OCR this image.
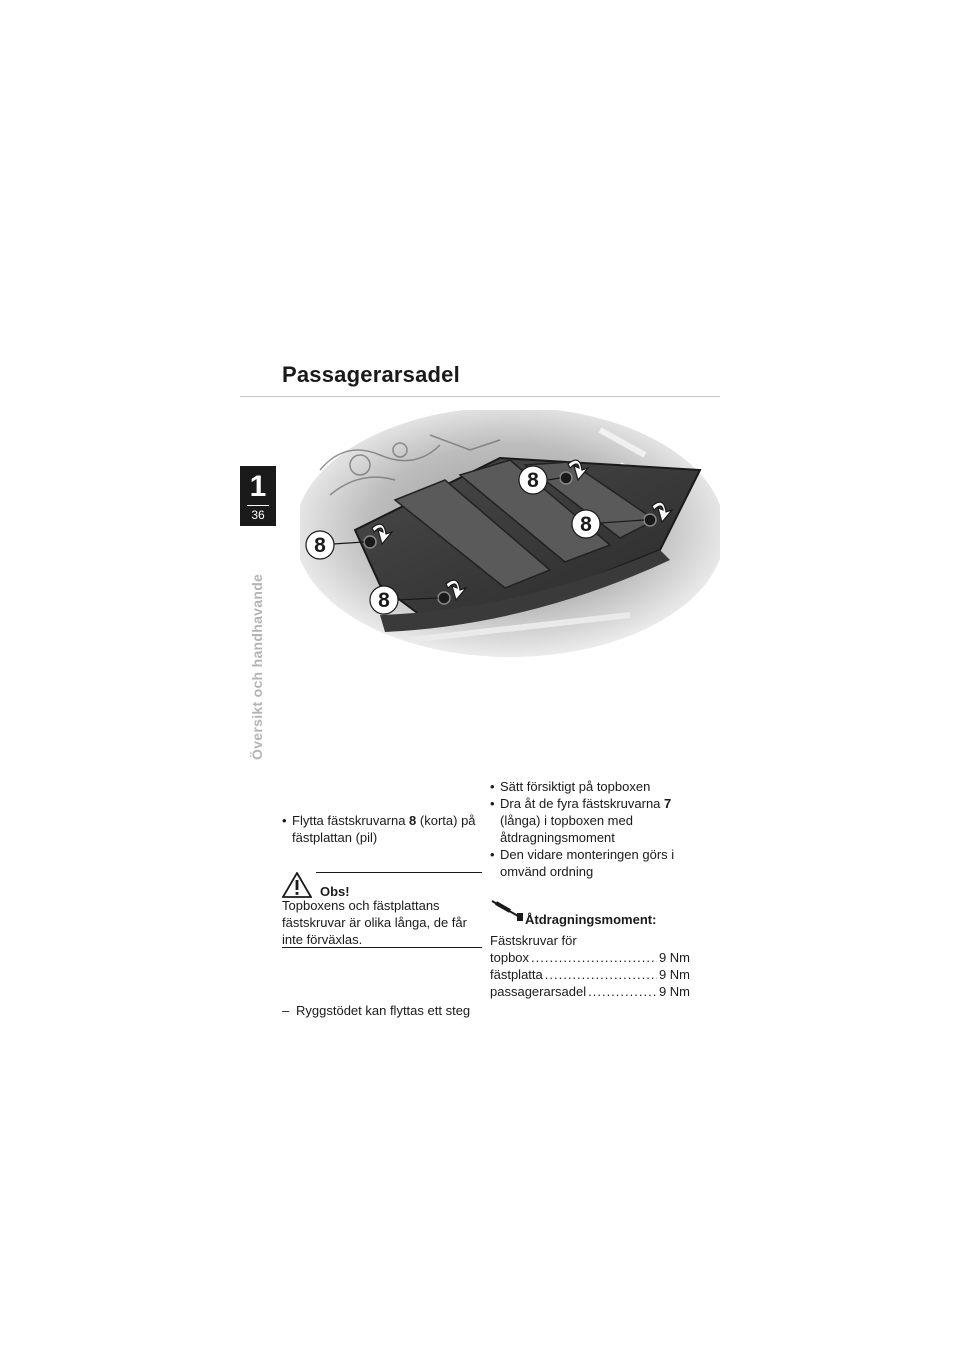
Passagerarsadel
1
36
Översikt och handhavande
8
8
8
8
• Flytta fästskruvarna 8 (korta) på fästplattan (pil)
Obs!
Topboxens och fästplattans fästskruvar är olika långa, de får inte förväxlas.
– Ryggstödet kan flyttas ett steg
• Sätt försiktigt på topboxen
• Dra åt de fyra fästskruvarna 7 (långa) i topboxen med åtdragningsmoment
• Den vidare monteringen görs i omvänd ordning
Åtdragningsmoment:
Fästskruvar för
topbox .....	9 Nm
fästplatta .....	9 Nm
passagerarsadel .....	9 Nm
